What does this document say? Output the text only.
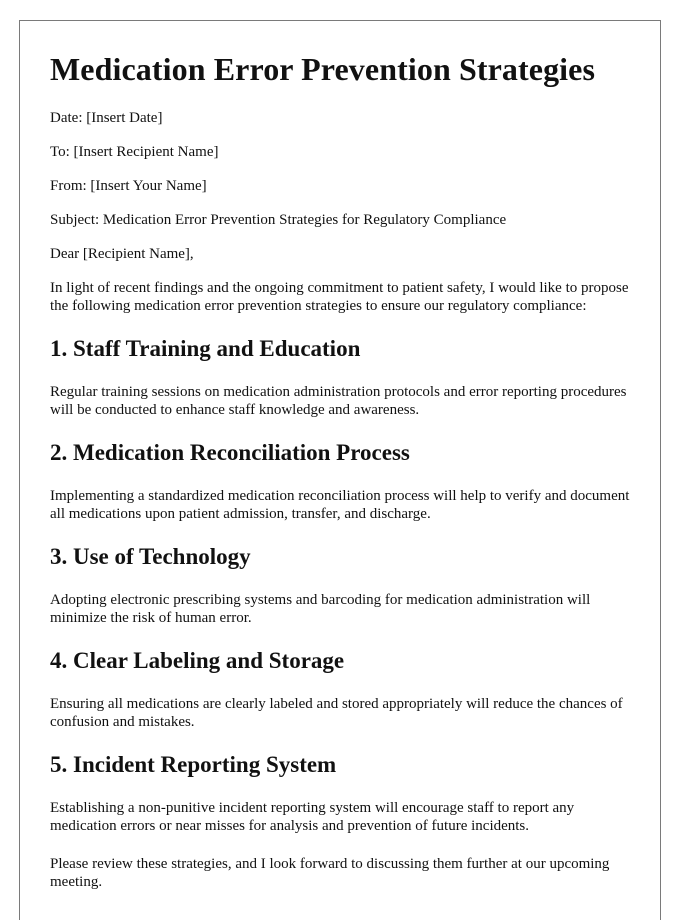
Medication Error Prevention Strategies

Date: [Insert Date]

To: [Insert Recipient Name]

From: [Insert Your Name]

Subject: Medication Error Prevention Strategies for Regulatory Compliance

Dear [Recipient Name],

In light of recent findings and the ongoing commitment to patient safety, I would like to propose the following medication error prevention strategies to ensure our regulatory compliance:

1. Staff Training and Education

Regular training sessions on medication administration protocols and error reporting procedures will be conducted to enhance staff knowledge and awareness.

2. Medication Reconciliation Process

Implementing a standardized medication reconciliation process will help to verify and document all medications upon patient admission, transfer, and discharge.

3. Use of Technology

Adopting electronic prescribing systems and barcoding for medication administration will minimize the risk of human error.

4. Clear Labeling and Storage

Ensuring all medications are clearly labeled and stored appropriately will reduce the chances of confusion and mistakes.

5. Incident Reporting System

Establishing a non-punitive incident reporting system will encourage staff to report any medication errors or near misses for analysis and prevention of future incidents.

Please review these strategies, and I look forward to discussing them further at our upcoming meeting.
